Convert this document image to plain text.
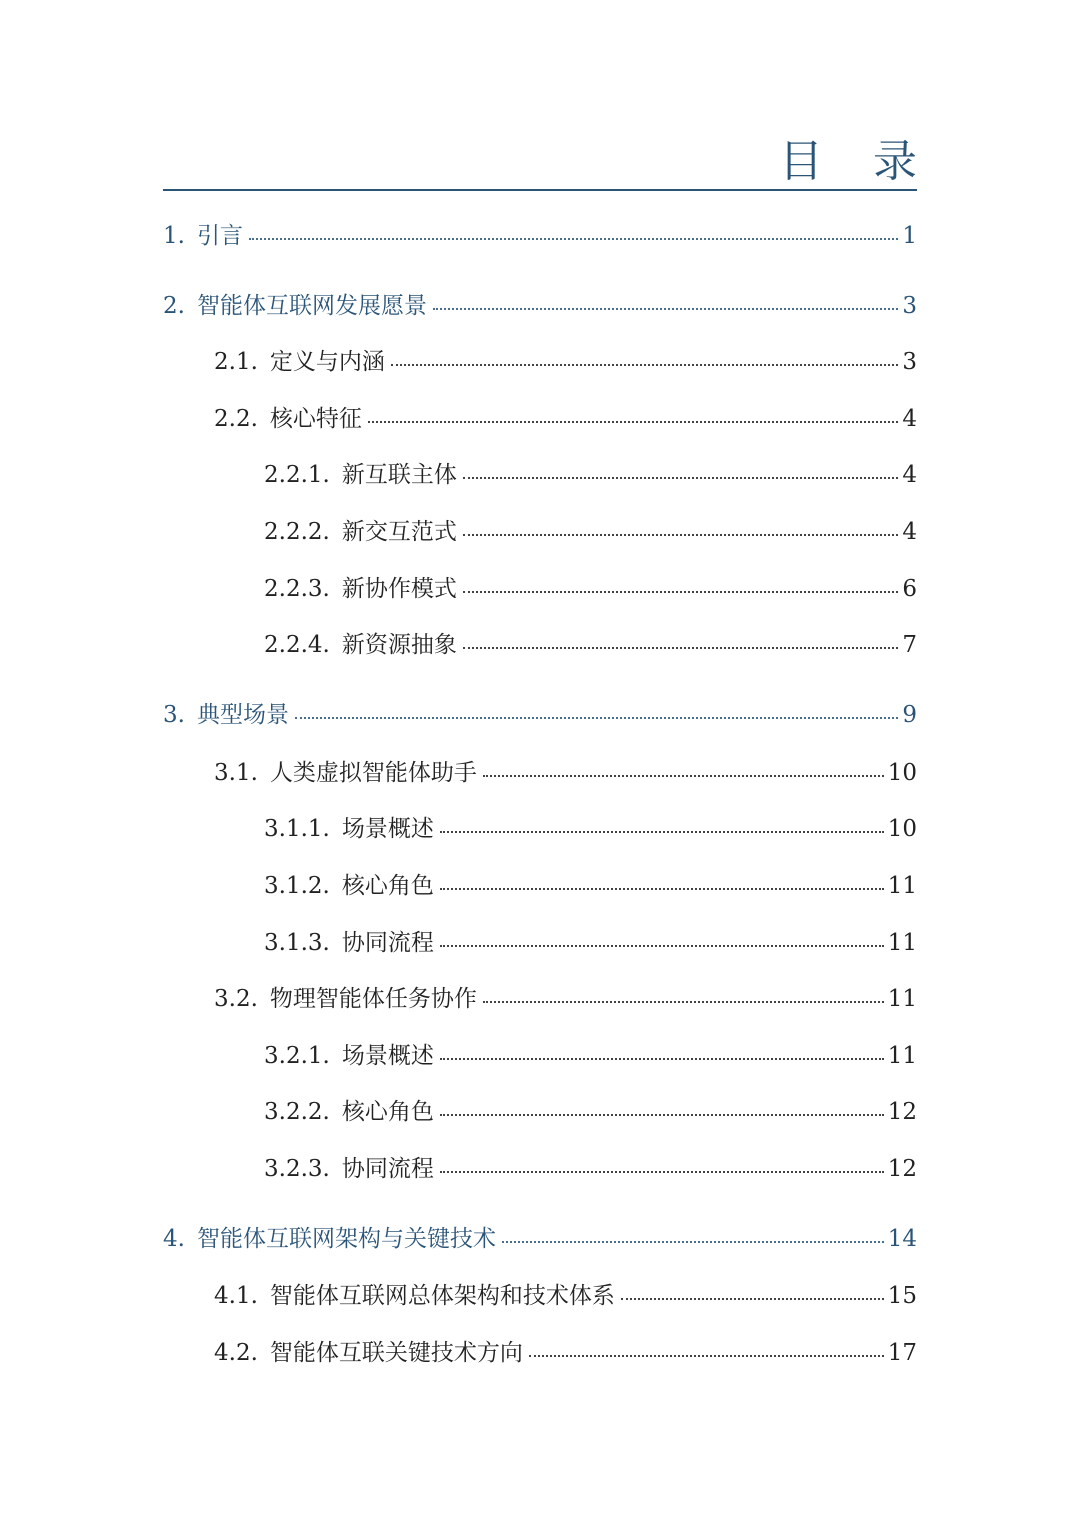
目 录
1. 引言	1
2. 智能体互联网发展愿景	3
2.1. 定义与内涵	3
2.2. 核心特征	4
2.2.1. 新互联主体	4
2.2.2. 新交互范式	4
2.2.3. 新协作模式	6
2.2.4. 新资源抽象	7
3. 典型场景	9
3.1. 人类虚拟智能体助手	10
3.1.1. 场景概述	10
3.1.2. 核心角色	11
3.1.3. 协同流程	11
3.2. 物理智能体任务协作	11
3.2.1. 场景概述	11
3.2.2. 核心角色	12
3.2.3. 协同流程	12
4. 智能体互联网架构与关键技术	14
4.1. 智能体互联网总体架构和技术体系	15
4.2. 智能体互联关键技术方向	17
